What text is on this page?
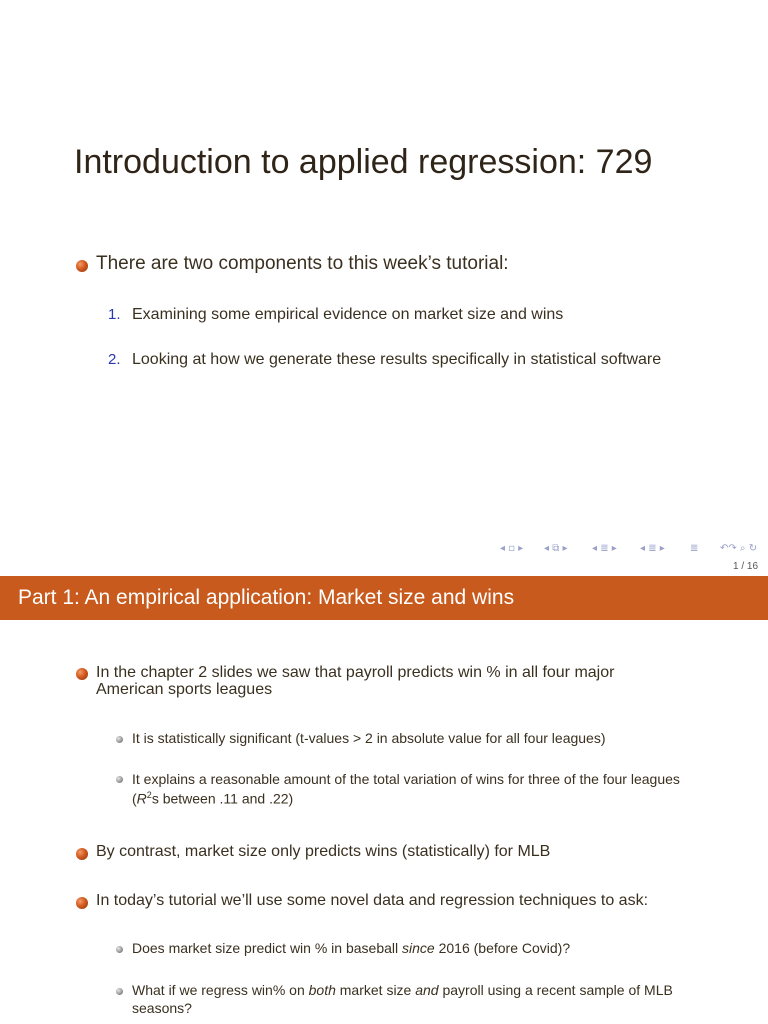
Introduction to applied regression: 729
There are two components to this week’s tutorial:
1. Examining some empirical evidence on market size and wins
2. Looking at how we generate these results specifically in statistical software
◂ ▫ ▸ ◂ ⧉ ▸ ◂ ≣ ▸ ◂ ≣ ▸	≣ ↶↷ ⌕ ↻
1 / 16
Part 1: An empirical application: Market size and wins
In the chapter 2 slides we saw that payroll predicts win % in all four major
American sports leagues
It is statistically significant (t-values > 2 in absolute value for all four leagues)
It explains a reasonable amount of the total variation of wins for three of the four leagues
($R^2s$ between .11 and .22)
By contrast, market size only predicts wins (statistically) for MLB
In today’s tutorial we’ll use some novel data and regression techniques to ask:
Does market size predict win % in baseball since 2016 (before Covid)?
What if we regress win% on both market size and payroll using a recent sample of MLB
seasons?
